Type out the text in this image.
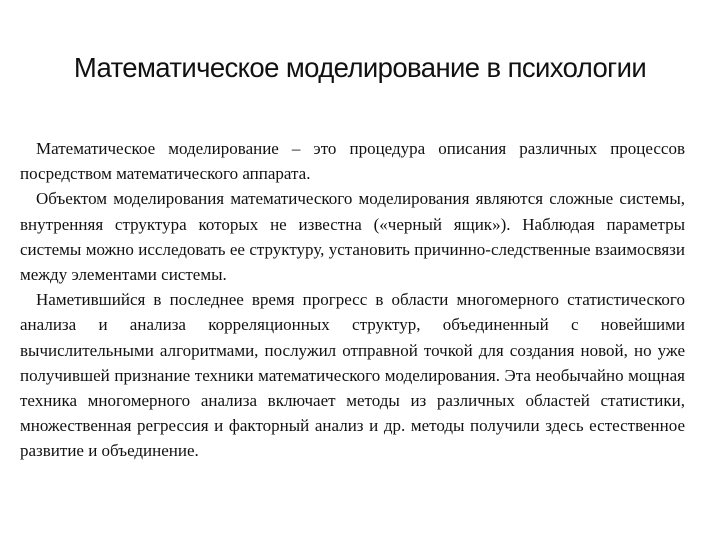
Математическое моделирование в психологии

Математическое моделирование – это процедура описания различных процессов посредством математического аппарата.

Объектом моделирования математического моделирования являются сложные системы, внутренняя структура которых не известна («черный ящик»). Наблюдая параметры системы можно исследовать ее структуру, установить причинно-следственные взаимосвязи между элементами системы.

Наметившийся в последнее время прогресс в области многомерного статистического анализа и анализа корреляционных структур, объединенный с новейшими вычислительными алгоритмами, послужил отправной точкой для создания новой, но уже получившей признание техники математического моделирования. Эта необычайно мощная техника многомерного анализа включает методы из различных областей статистики, множественная регрессия и факторный анализ и др. методы получили здесь естественное развитие и объединение.
